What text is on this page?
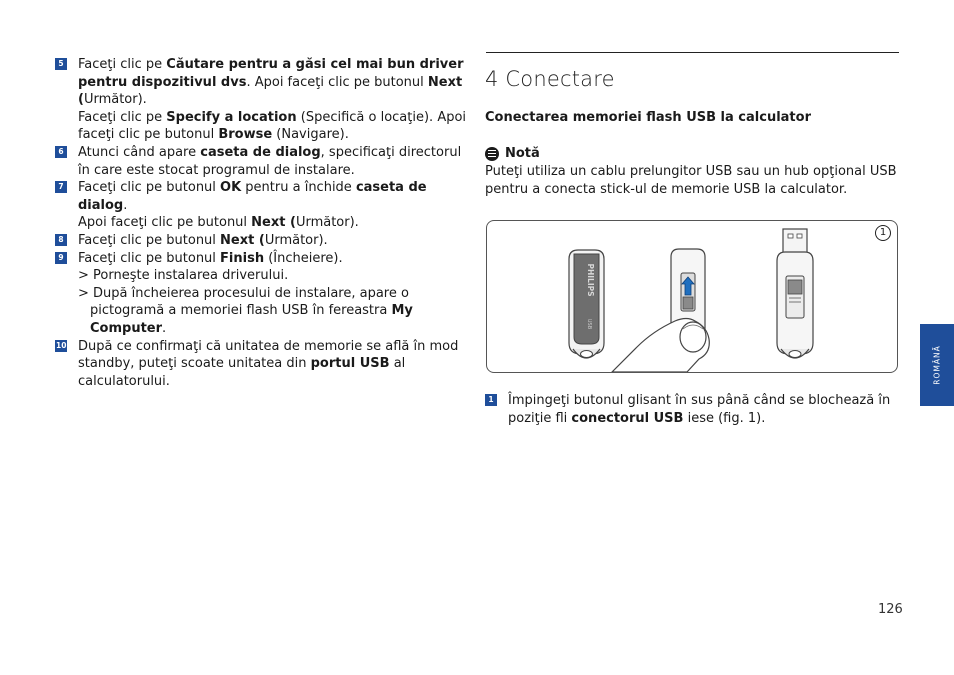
5 Faceţi clic pe Căutare pentru a găsi cel mai bun driver pentru dispozitivul dvs. Apoi faceţi clic pe butonul Next (Următor).
Faceţi clic pe Specify a location (Specifică o locaţie). Apoi faceţi clic pe butonul Browse (Navigare).
6 Atunci când apare caseta de dialog, specificaţi directorul în care este stocat programul de instalare.
7 Faceţi clic pe butonul OK pentru a închide caseta de dialog.
Apoi faceţi clic pe butonul Next (Următor).
8 Faceţi clic pe butonul Next (Următor).
9 Faceţi clic pe butonul Finish (Încheiere).
> Porneşte instalarea driverului.
> După încheierea procesului de instalare, apare o pictogramă a memoriei flash USB în fereastra My Computer.
10 După ce confirmaţi că unitatea de memorie se află în mod standby, puteţi scoate unitatea din portul USB al calculatorului.
4 Conectare
Conectarea memoriei flash USB la calculator
Notă
Puteţi utiliza un cablu prelungitor USB sau un hub opţional USB pentru a conecta stick-ul de memorie USB la calculator.
1
PHILIPS
USB
1 Împingeţi butonul glisant în sus până când se blochează în poziţie fli conectorul USB iese (fig. 1).
126
ROMÂNĂ
